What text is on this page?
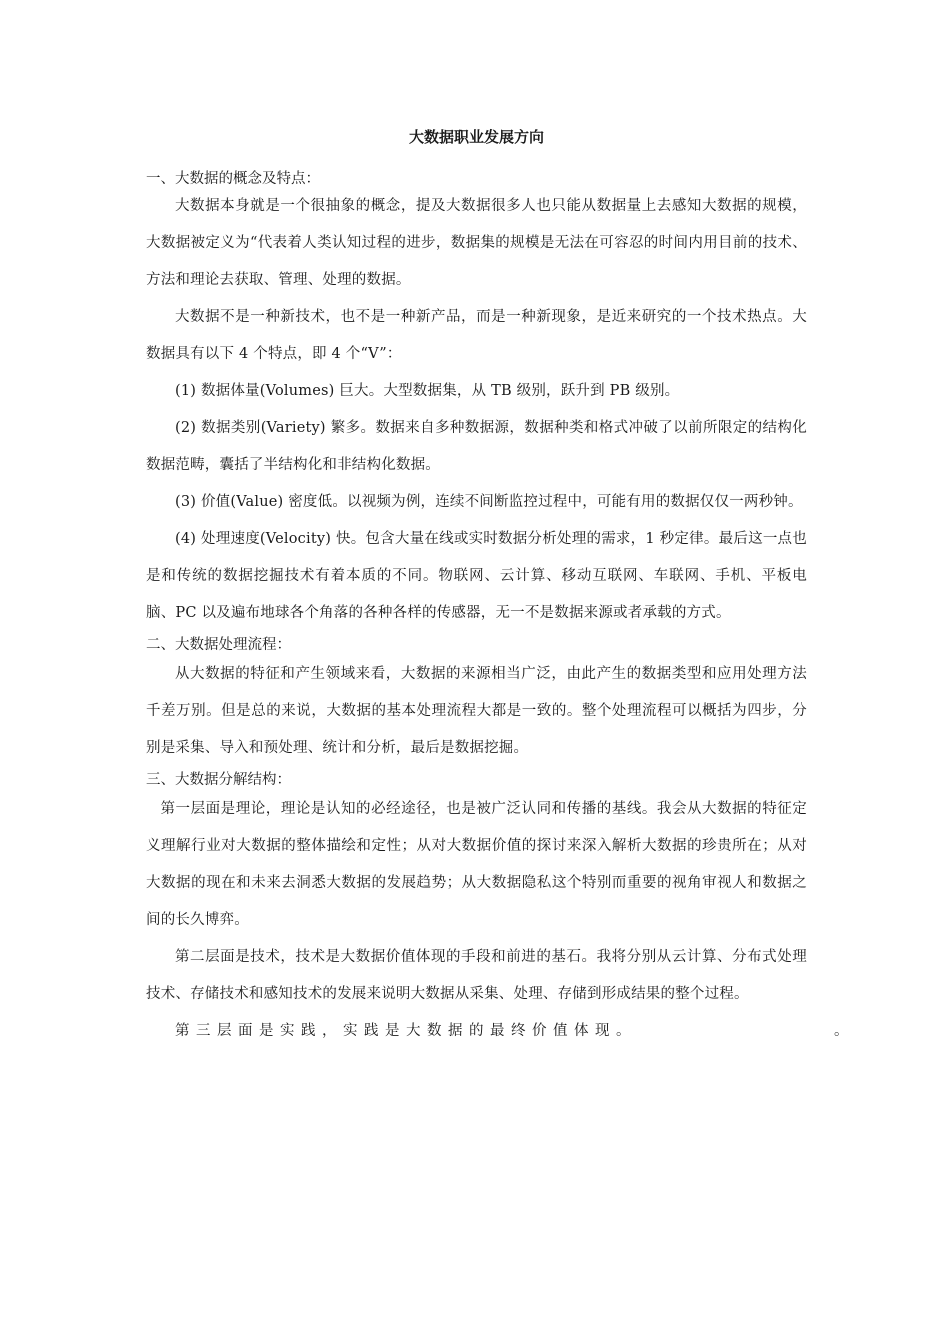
大数据职业发展方向
一、大数据的概念及特点：

大数据本身就是一个很抽象的概念，提及大数据很多人也只能从数据量上去感知大数据的规模，大数据被定义为“代表着人类认知过程的进步，数据集的规模是无法在可容忍的时间内用目前的技术、方法和理论去获取、管理、处理的数据。

大数据不是一种新技术，也不是一种新产品，而是一种新现象，是近来研究的一个技术热点。大数据具有以下 4 个特点，即 4 个“V”：

(1) 数据体量(Volumes) 巨大。大型数据集，从 TB 级别，跃升到 PB 级别。

(2) 数据类别(Variety) 繁多。数据来自多种数据源，数据种类和格式冲破了以前所限定的结构化数据范畴，囊括了半结构化和非结构化数据。

(3) 价值(Value) 密度低。以视频为例，连续不间断监控过程中，可能有用的数据仅仅一两秒钟。

(4) 处理速度(Velocity) 快。包含大量在线或实时数据分析处理的需求，1 秒定律。最后这一点也是和传统的数据挖掘技术有着本质的不同。物联网、云计算、移动互联网、车联网、手机、平板电脑、PC 以及遍布地球各个角落的各种各样的传感器，无一不是数据来源或者承载的方式。

二、大数据处理流程：

从大数据的特征和产生领域来看，大数据的来源相当广泛，由此产生的数据类型和应用处理方法千差万别。但是总的来说，大数据的基本处理流程大都是一致的。整个处理流程可以概括为四步，分别是采集、导入和预处理、统计和分析，最后是数据挖掘。

三、大数据分解结构：

第一层面是理论，理论是认知的必经途径，也是被广泛认同和传播的基线。我会从大数据的特征定义理解行业对大数据的整体描绘和定性；从对大数据价值的探讨来深入解析大数据的珍贵所在；从对大数据的现在和未来去洞悉大数据的发展趋势；从大数据隐私这个特别而重要的视角审视人和数据之间的长久博弈。

第二层面是技术，技术是大数据价值体现的手段和前进的基石。我将分别从云计算、分布式处理技术、存储技术和感知技术的发展来说明大数据从采集、处理、存储到形成结果的整个过程。

第三层面是实践，实践是大数据的最终价值体现。	。
